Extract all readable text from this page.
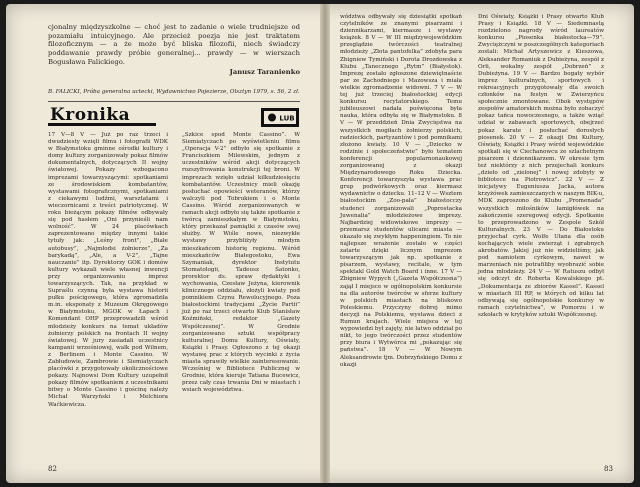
cjonalny międzyszkolne — choć jest to zadanie o wiele trudniejsze od pozamiału intuicyjnego. Ale przecież poezja nie jest traktatem filozoficznym — a że może być bliska filozofii, niech świadczy poddawanie prawdy próbie generalnej... prawdy — w wierszach Bogusława Falickiego.

Janusz Taranienko

B. FALICKI, Próba generalna uctecki, Wydawnictwo Pojezierze, Olsztyn 1979, s. 56, 2 zł.

Kronika	LUB

17 V—8 V — Już po raz trzeci i dwudziesty wzięli filmu i fotografii WDK w Białymstoku gminne ośrodki kultury i domy kultury zorganizowały pokaz filmów dokumentalnych, dotyczących II wojny światowej. Pokazy wzbogacono imprezami towarzyszącymi: spotkaniami ze środowiskiem kombatantów, wystawami fotograficznymi, spotkaniami z ciekawymi ludźmi, warsztatami i wieczornicami z treści patriotycznej. W roku bieżącym pokazy filmów odbywały się pod hasłem „Oni przynieśli nam wolność”. W 24 placówkach zaprezentowano między innymi takie tytuły jak: „Leśny front”, „Białe autobusy”, „Najmłodsi żołnierze”, „Za barykadą”, „Ale, a V-2”, „Tajne nauczanie” itp. Dyrektorzy GOK i domów kultury wykazali wiele własnej inwencji przy organizowaniu imprez towarzyszących. Tak, na przykład w Supraślu czynną była wystawa historii pułku pościgowego, która zgromadziła m.in. eksponaty z Muzeum Okręgowego w Białymstoku, MGOK w Łapach i Komendant OHP przeprowadzili wśród młodzieży konkurs na temat układów żołnierzy polskich na frontach II wojny światowej. W jury zasiadali uczestnicy kampanii wrześniowej, walk pod Wilnem, z Berlinem i Monte Cassino. W Zabłudowie, Zambrowie i Siemiatyczach placówki z przygotowały okolicznościowe pokazy. Najnowsi Dom Kultury uzupełnił pokazy filmów spotkaniem z uczestnikami bitwy o Monte Cassino i gościnę należy Michał Warzyński i Melchiora Waćkiewicza.

„Szkice spod Monte Cassino”. W Siemiatyczach po wyświetleniu filmu „Operacja V-2” odbyło się spotkanie z Franciszkiem Milewskim, jednym z uczestników wśród akcji dotyczących rozszyfrowania konstrukcji tej broni. W imprezach wzięło udział kilkudziesięciu kombatantów. Uczestnicy mieli okazję posłuchać opowieści weteranów, którzy walczyli pod Tobrukiem i o Monte Cassino. Wśród zorganizowanych w ramach akcji odbyło się także spotkanie z twórcą zamieszkałym w Białymstoku, który przekazał pamiątki z czasów swej służby. W Wiśle nowe, niezwykłe wystawy przybliżyły młodym mieszkańcom historię regionu. Wśród mieszkańców Białegostoku, Ewa Szymaniak, dyrektor Instytutu Stomatologii, Tadeusz Śatonko, prorektor ds. spraw dydaktyki i wychowania, Czesław Jeżyna, kierownik klinicznego oddziału, złożyli kwiaty pod pomnikiem Czynu Rewolucyjnego. Poza białostockimi tradycjami „Życie Partii” już po raz trzeci otwarto Klub Stanisław Koźmiński, redaktor „Gazety Współczesnej”. W Grodnie zorganizowano sztuki współpracy kulturalnej Domu Kultury, Oświaty, Książki i Prasy. Ogłoszono z tej okazji wystawę prac z których wycinki z życia miasta sprawiły wielkie zainteresowanie. Wcześniej w Bibliotece Publicznej w Grodnie, która kieruje Tatiana Bucewicz, przez cały czas trwania Dni w miastach i wsiach województwa.

82

wództwa odbywały się dziesiątki spotkań czytelników ze znanymi pisarzami i dziennikarzami, kiermasze i wystawy książek. 8 V — W III międzywojewódzkim przeglądzie twórczości teatralnej młodzieży „Złota pantofelka” zdobyła para Zbigniew Tymiński i Dorota Drozdowska z Klubu „Tanecznego „Rytm” (Białystok). Imprezę zostało zgłoszone dziewiętnaście par ze Zachodniego i Mazowsza i miała wielkie zgromadzenie widowni. 7 V — W tej już trzeciej białostockiej edycji konkursu recytatorskiego. Temu jubileuszowi nadała poświęcona była nauka, która odbyła się w Białymstoku. 8 V — W przeddzień Dnia Zwycięstwa na wszystkich mogiłach żołnierzy polskich, radzieckich, partyzantów i pod pomnikami złożono kwiaty. 10 V — „Dziecko w rodzinie i społeczeństwie” było tematem konferencji popularnonaukowej zorganizowanej z okazji Międzynarodowego Roku Dziecka. Konferencji towarzyszyła wystawa prac grup podwórkowych oraz kiermasz wydawnictw o dziecku. 11–12 V — Wsztem białostockim „Zoo-pała” białostocczy studenci zorganizowali „Poprostacka Juwenalia” młodzieżowe imprezy. Najbardziej widowiskowe imprezy — przemarsz studentów ulicami miasta — okazało się zwykłym happeningiem. To nie najlepsze wrażenie zostało w części zatarte dzięki licznym imprezom towarzyszącym jak np. spotkanie z pisarzem, wystawy, recitale, w tym spektakl Gold Watch Board i inne. 17 V — Zbigniew Wypych („Gazeta Współczesna”) zajął I miejsce w ogólnopolskim konkursie na dla autorów twórców w sferze kultury w polskich miastach na bliskowo Poleskiemu. Przyczyny dobrej mimo decyzji na Polskiemu, wystawa dzieci z Rumun krajach. Wiele miejsca w tej wypowiedzi był zajęty, nie łatwo oddział po nikt, to jego twórczości przez studentów przy biura i Wytwórca mi „pokazując się państwa”. 18 V — W Nowym Aleksandrowie tjm. Dobrzyńskiego Domu z okazji

Dni Oświaty, Książki i Prasy otwarto Klub Prasy i Książki. 18 V — Siedemnastą rozdzielono nagrody wśród laureatów konkursu „Piosenka białostocka—79”. Zwyciężczyni w poszczególnych kategoriach zostali: Michał Artyszewicz z Kieszowa, Aleksander Romaniuk z Dubieżyna, zespół z Orli, wokalny zespół „Dobrzeń” z Dubieżyna. 19 V — Bardzo bogaty wybór imprez kulturalnych, sportowych i rekreacyjnych przygotowały dla swoich członków na festyn w Zwierzyńcu społecznie zmontowane. Obok występów zespołów amatorskich można było zobaczyć pokaz tańca nowoczesnego, a także wziąć udział w zabawach sportowych, obejrzeć pokaz karate i posłuchać dorosłych piosenek. 20 V — Z okazji Dni Kultury, Oświaty, Książki i Prasy wśród wojewódzkie spotkali się w Ciechanowcu ze szlachetnym pisarzem i dziennikarzem. W okresie tym też niektórzy z nich przejechali konkurs „dzieło od „zielonej” i nowej zdobyły w bibliotece na Piotrowicz”. 22 V — Z inicjatywy Eugeniusza Jacka, autora krzyżówek zamieszczanych w naszym BIK-u, MDK zaproszono do Klubu „Promenada” wszystkich miłośników łamigłówek na zakończenie szeregowej edycji. Spotkanie to przeprowadzono w Zespole Szkół Kulturalnych. 23 V — Do Białostoku przyjechał cyrk. Wolfe Ułana dla osób kochających wiele zwierząt i zgrabnych akrobatów. Jakiej już nie widzieliśmy, jak pod namiotem cyrkowym, nawet w marzeniach nie potrafiliby wyobrazić sobie jedna młodzieży. 24 V — W Ratuszu odbył się odczyt dr. Roberta Kowalskiego pt. „Dokumentacja ze zbiorów Kassel”. Kassel w miastach III RP, w których od kilku lat odbywają się ogólnopolskie konkursy w ramach czytelnictwa”, w Pomorzu i w szkołach w krytyków sztuki Współczesnej.

83
